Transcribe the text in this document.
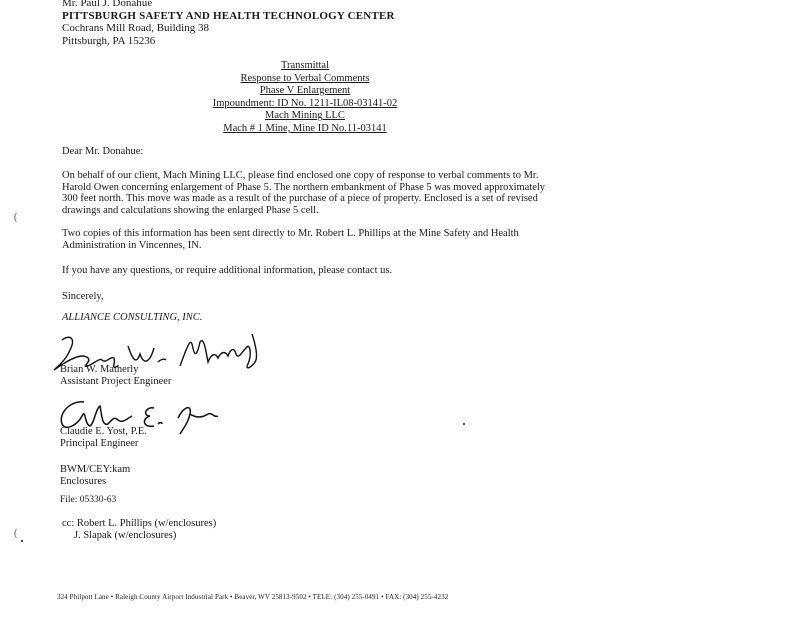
Mr. Paul J. Donahue
PITTSBURGH SAFETY AND HEALTH TECHNOLOGY CENTER
Cochrans Mill Road, Building 38
Pittsburgh, PA 15236
Transmittal
Response to Verbal Comments
Phase V Enlargement
Impoundment: ID No. 1211-IL08-03141-02
Mach Mining LLC
Mach # 1 Mine, Mine ID No.11-03141
Dear Mr. Donahue:
On behalf of our client, Mach Mining LLC, please find enclosed one copy of response to verbal comments to Mr. Harold Owen concerning enlargement of Phase 5. The northern embankment of Phase 5 was moved approximately 300 feet north. This move was made as a result of the purchase of a piece of property. Enclosed is a set of revised drawings and calculations showing the enlarged Phase 5 cell.
Two copies of this information has been sent directly to Mr. Robert L. Phillips at the Mine Safety and Health Administration in Vincennes, IN.
If you have any questions, or require additional information, please contact us.
Sincerely,
ALLIANCE CONSULTING, INC.
Brian W. Matherly
Assistant Project Engineer
Claudie E. Yost, P.E.
Principal Engineer
BWM/CEY:kam
Enclosures
File: 05330-63
cc: Robert L. Phillips (w/enclosures)
J. Slapak (w/enclosures)
324 Philpott Lane • Raleigh County Airport Industrial Park • Beaver, WV 25813-9502 • TELE: (304) 255-0491 • FAX: (304) 255-4232
(
(
